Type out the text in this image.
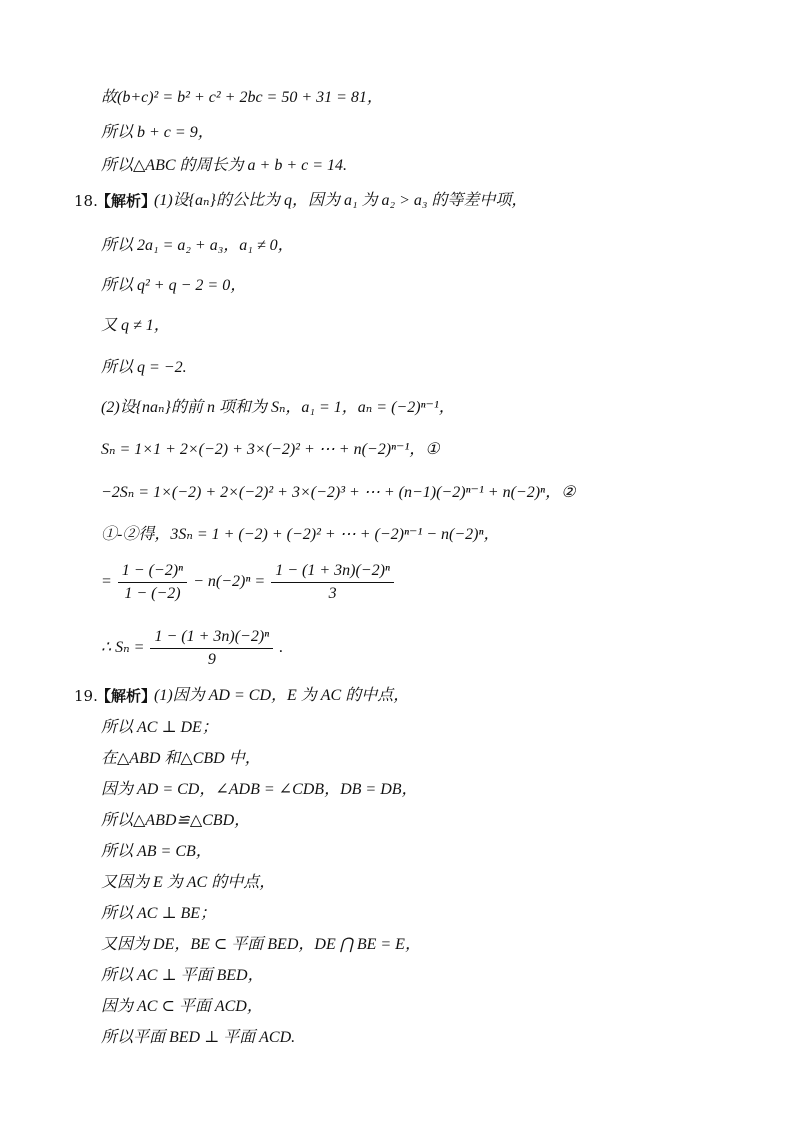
故(b+c)² = b² + c² + 2bc = 50 + 31 = 81，
所以 b + c = 9，
所以△ABC 的周长为 a + b + c = 14.
18.
【解析】
(1)设{aₙ}的公比为 q，因为 a₁ 为 a₂ > a₃ 的等差中项，
所以 2a₁ = a₂ + a₃，a₁ ≠ 0，
所以 q² + q − 2 = 0，
又 q ≠ 1，
所以 q = −2.
(2)设{naₙ}的前 n 项和为 Sₙ，a₁ = 1，aₙ = (−2)ⁿ⁻¹，
Sₙ = 1×1 + 2×(−2) + 3×(−2)² + ⋯ + n(−2)ⁿ⁻¹，①
−2Sₙ = 1×(−2) + 2×(−2)² + 3×(−2)³ + ⋯ + (n−1)(−2)ⁿ⁻¹ + n(−2)ⁿ，②
①-②得，3Sₙ = 1 + (−2) + (−2)² + ⋯ + (−2)ⁿ⁻¹ − n(−2)ⁿ，
= $\frac{\text{1 − (−2)ⁿ}}{1 - (-2)} - n(-2)^n = \frac{\text{1 − (1 + 3n)(−2)ⁿ}}{3}$
∴ $S_n = \frac{\text{1 − (1 + 3n)(−2)ⁿ}}{9}$ .
19.
【解析】
(1)因为 AD = CD，E 为 AC 的中点，
所以 AC ⊥ DE；
在△ABD 和△CBD 中，
因为 AD = CD，∠ADB = ∠CDB，DB = DB，
所以△ABD≌△CBD，
所以 AB = CB，
又因为 E 为 AC 的中点，
所以 AC ⊥ BE；
又因为 DE，BE ⊂ 平面 BED，DE ⋂ BE = E，
所以 AC ⊥ 平面 BED，
因为 AC ⊂ 平面 ACD，
所以平面 BED ⊥ 平面 ACD.
